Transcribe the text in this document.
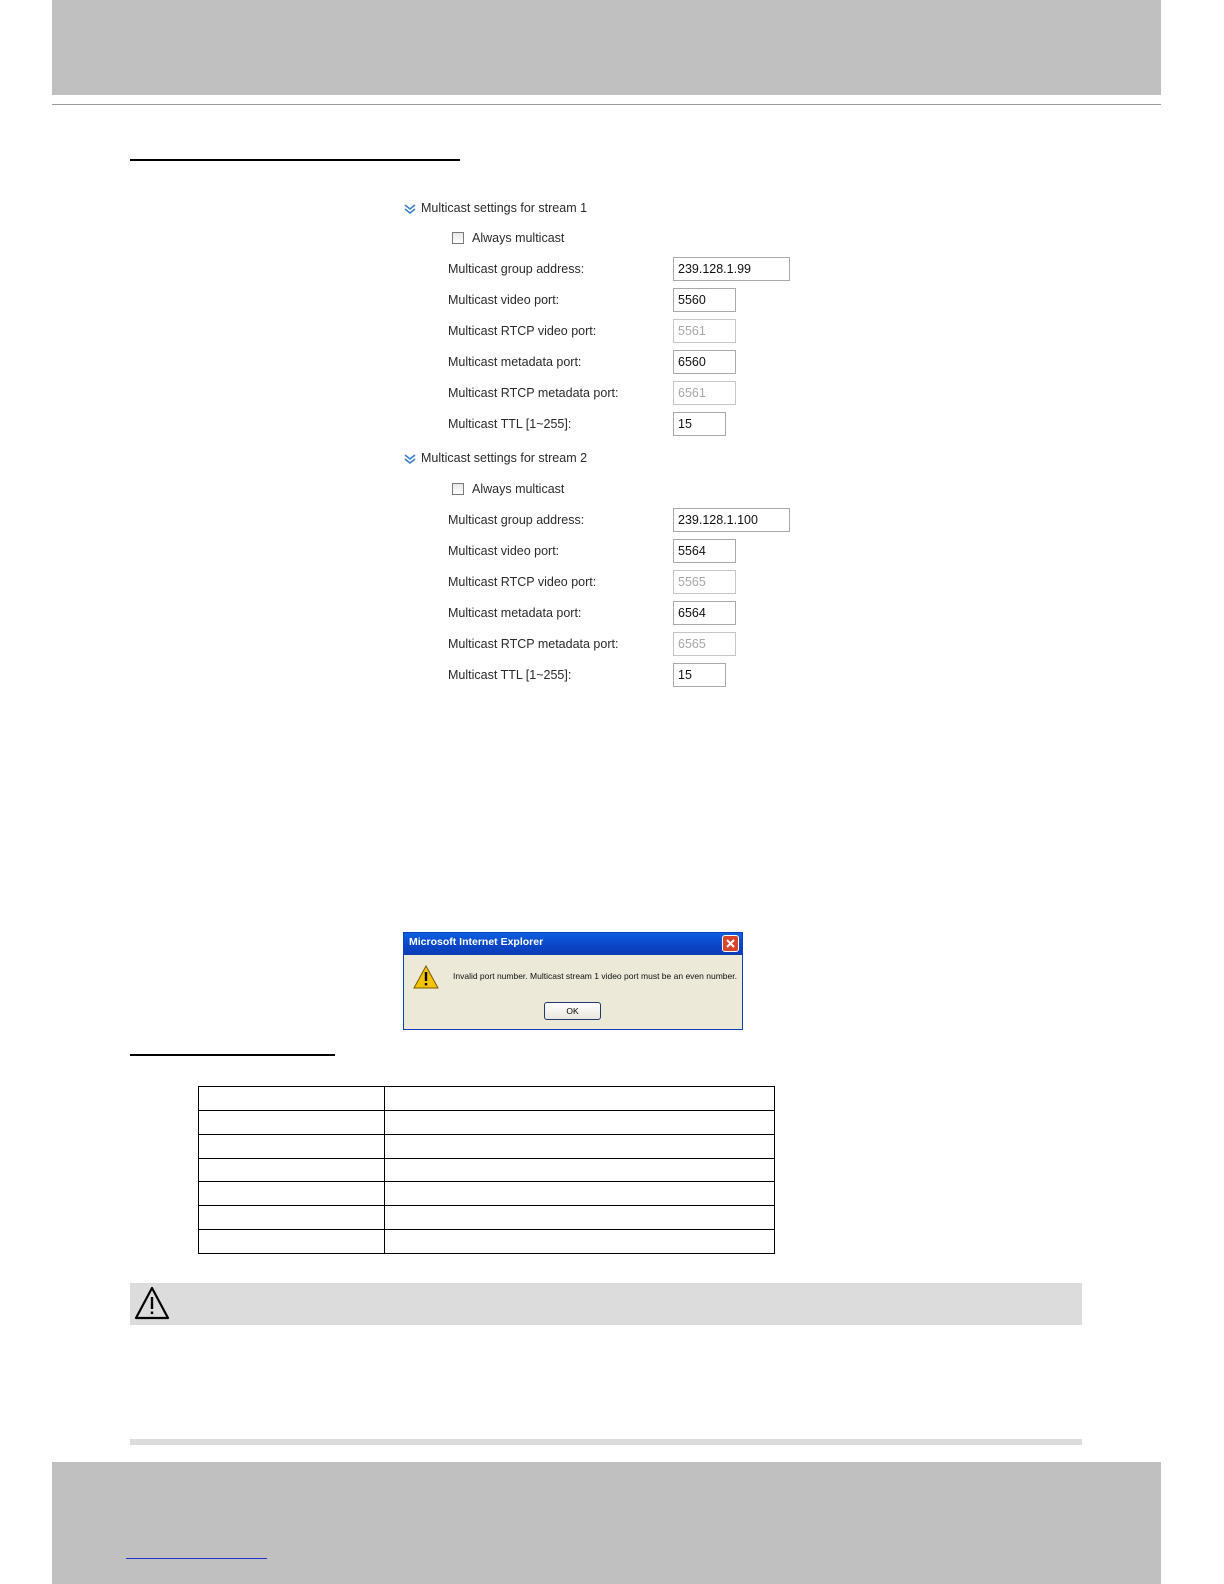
Multicast settings for stream 1
Always multicast
Multicast group address:	239.128.1.99
Multicast video port:	5560
Multicast RTCP video port:	5561
Multicast metadata port:	6560
Multicast RTCP metadata port:	6561
Multicast TTL [1~255]:	15
Multicast settings for stream 2
Always multicast
Multicast group address:	239.128.1.100
Multicast video port:	5564
Multicast RTCP video port:	5565
Multicast metadata port:	6564
Multicast RTCP metadata port:	6565
Multicast TTL [1~255]:	15
Microsoft Internet Explorer
Invalid port number. Multicast stream 1 video port must be an even number.
OK
